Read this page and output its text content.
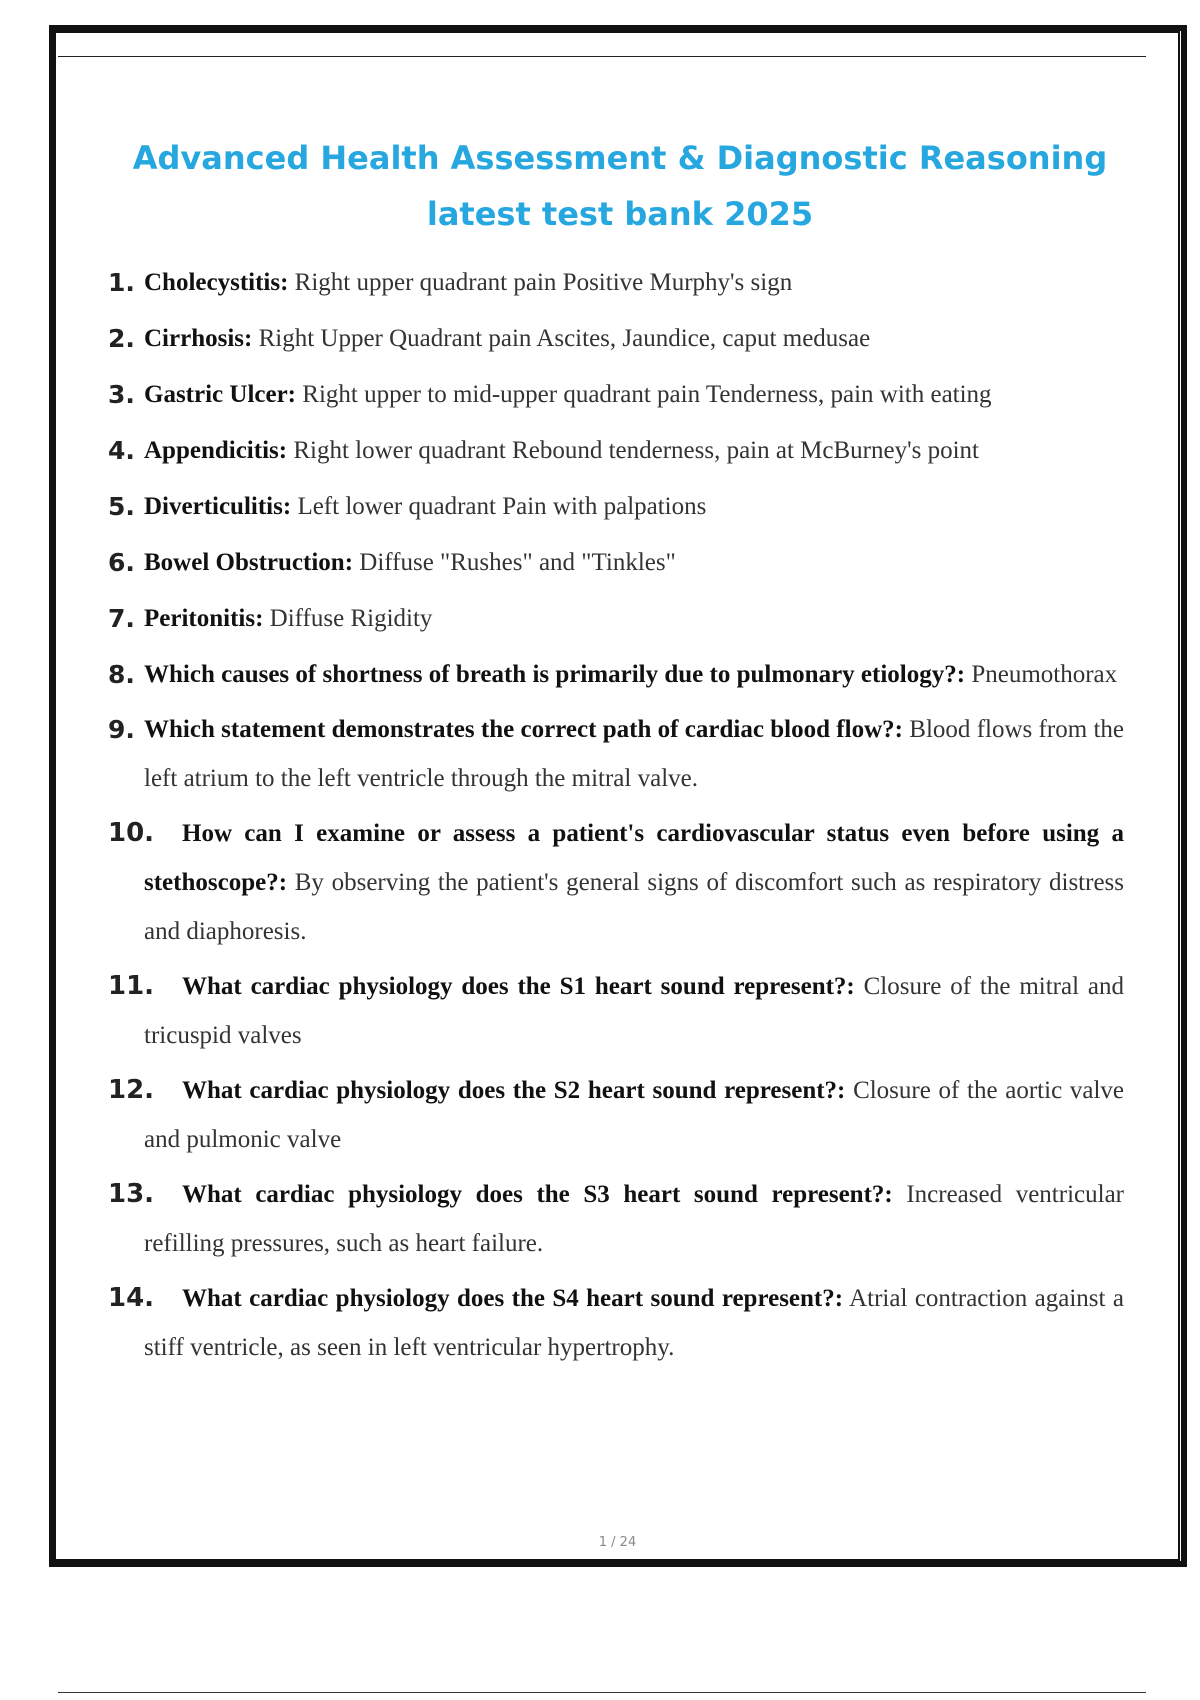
Advanced Health Assessment & Diagnostic Reasoning
latest test bank 2025
1. Cholecystitis: Right upper quadrant pain Positive Murphy's sign
2. Cirrhosis: Right Upper Quadrant pain Ascites, Jaundice, caput medusae
3. Gastric Ulcer: Right upper to mid-upper quadrant pain Tenderness, pain with eating
4. Appendicitis: Right lower quadrant Rebound tenderness, pain at McBurney's point
5. Diverticulitis: Left lower quadrant Pain with palpations
6. Bowel Obstruction: Diffuse "Rushes" and "Tinkles"
7. Peritonitis: Diffuse Rigidity
8. Which causes of shortness of breath is primarily due to pulmonary etiology?: Pneumothorax
9. Which statement demonstrates the correct path of cardiac blood flow?: Blood flows from the left atrium to the left ventricle through the mitral valve.
10.	How can I examine or assess a patient's cardiovascular status even before using a stethoscope?: By observing the patient's general signs of discomfort such as respiratory distress and diaphoresis.
11.	What cardiac physiology does the S1 heart sound represent?: Closure of the mitral and tricuspid valves
12.	What cardiac physiology does the S2 heart sound represent?: Closure of the aortic valve and pulmonic valve
13.	What cardiac physiology does the S3 heart sound represent?: Increased ventricular refilling pressures, such as heart failure.
14.	What cardiac physiology does the S4 heart sound represent?: Atrial contraction against a stiff ventricle, as seen in left ventricular hypertrophy.
1 / 24
